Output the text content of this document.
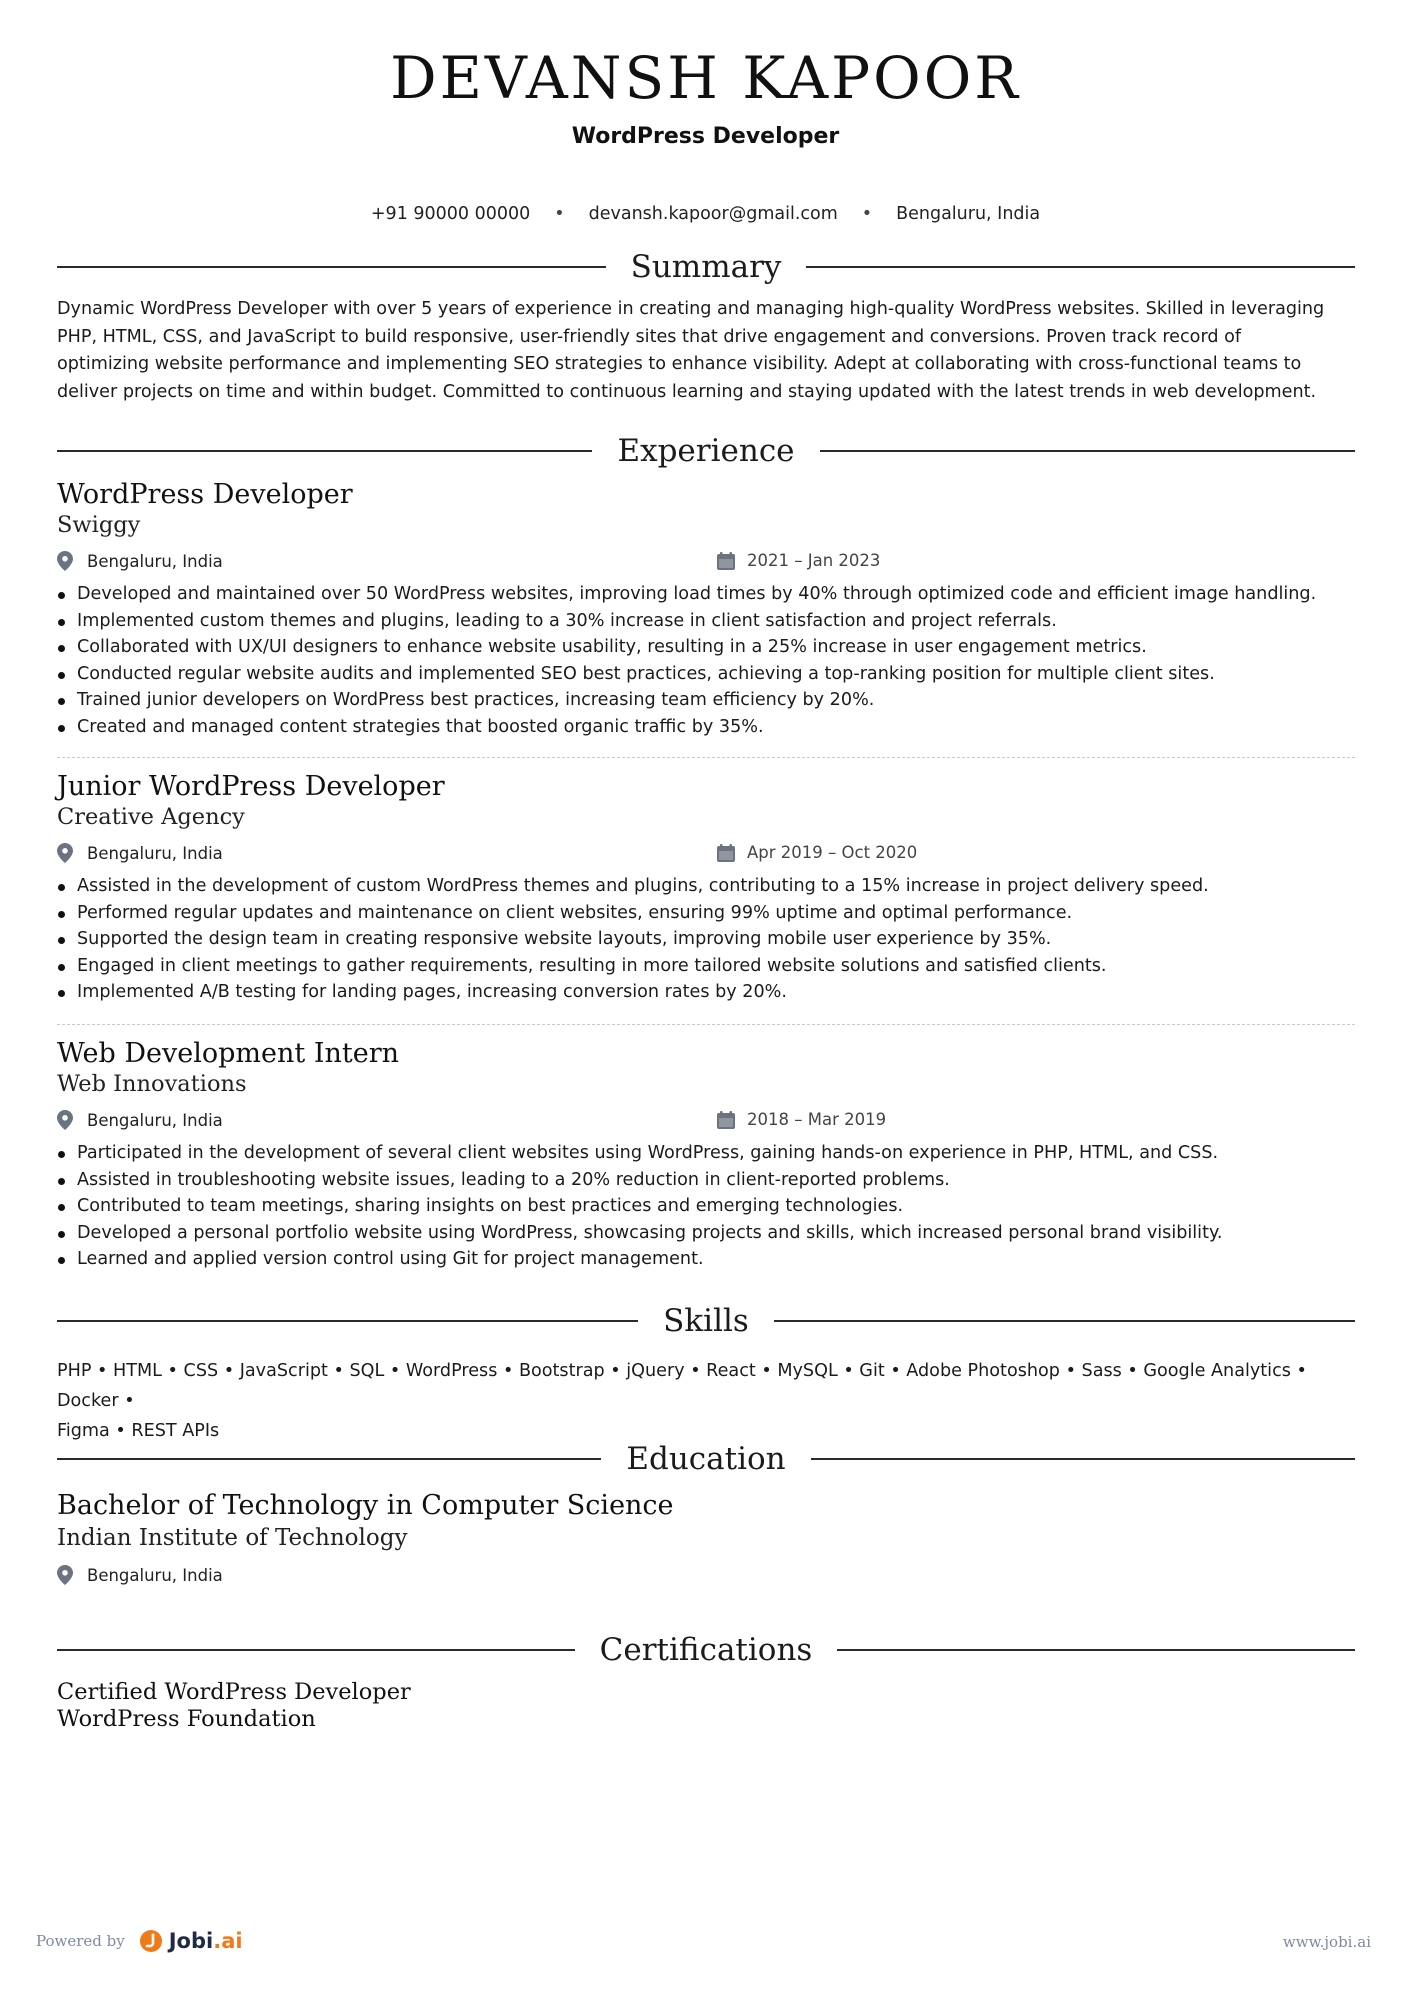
DEVANSH KAPOOR
WordPress Developer
+91 90000 00000 • devansh.kapoor@gmail.com • Bengaluru, India
Summary
Dynamic WordPress Developer with over 5 years of experience in creating and managing high-quality WordPress websites. Skilled in leveraging
PHP, HTML, CSS, and JavaScript to build responsive, user-friendly sites that drive engagement and conversions. Proven track record of
optimizing website performance and implementing SEO strategies to enhance visibility. Adept at collaborating with cross-functional teams to
deliver projects on time and within budget. Committed to continuous learning and staying updated with the latest trends in web development.
Experience
WordPress Developer
Swiggy
Bengaluru, India	2021 – Jan 2023
Developed and maintained over 50 WordPress websites, improving load times by 40% through optimized code and efficient image handling.
Implemented custom themes and plugins, leading to a 30% increase in client satisfaction and project referrals.
Collaborated with UX/UI designers to enhance website usability, resulting in a 25% increase in user engagement metrics.
Conducted regular website audits and implemented SEO best practices, achieving a top-ranking position for multiple client sites.
Trained junior developers on WordPress best practices, increasing team efficiency by 20%.
Created and managed content strategies that boosted organic traffic by 35%.
Junior WordPress Developer
Creative Agency
Bengaluru, India	Apr 2019 – Oct 2020
Assisted in the development of custom WordPress themes and plugins, contributing to a 15% increase in project delivery speed.
Performed regular updates and maintenance on client websites, ensuring 99% uptime and optimal performance.
Supported the design team in creating responsive website layouts, improving mobile user experience by 35%.
Engaged in client meetings to gather requirements, resulting in more tailored website solutions and satisfied clients.
Implemented A/B testing for landing pages, increasing conversion rates by 20%.
Web Development Intern
Web Innovations
Bengaluru, India	2018 – Mar 2019
Participated in the development of several client websites using WordPress, gaining hands-on experience in PHP, HTML, and CSS.
Assisted in troubleshooting website issues, leading to a 20% reduction in client-reported problems.
Contributed to team meetings, sharing insights on best practices and emerging technologies.
Developed a personal portfolio website using WordPress, showcasing projects and skills, which increased personal brand visibility.
Learned and applied version control using Git for project management.
Skills
PHP • HTML • CSS • JavaScript • SQL • WordPress • Bootstrap • jQuery • React • MySQL • Git • Adobe Photoshop • Sass • Google Analytics • Docker •
Figma • REST APIs
Education
Bachelor of Technology in Computer Science
Indian Institute of Technology
Bengaluru, India
Certifications
Certified WordPress Developer
WordPress Foundation
Powered by Jobi.ai	www.jobi.ai
